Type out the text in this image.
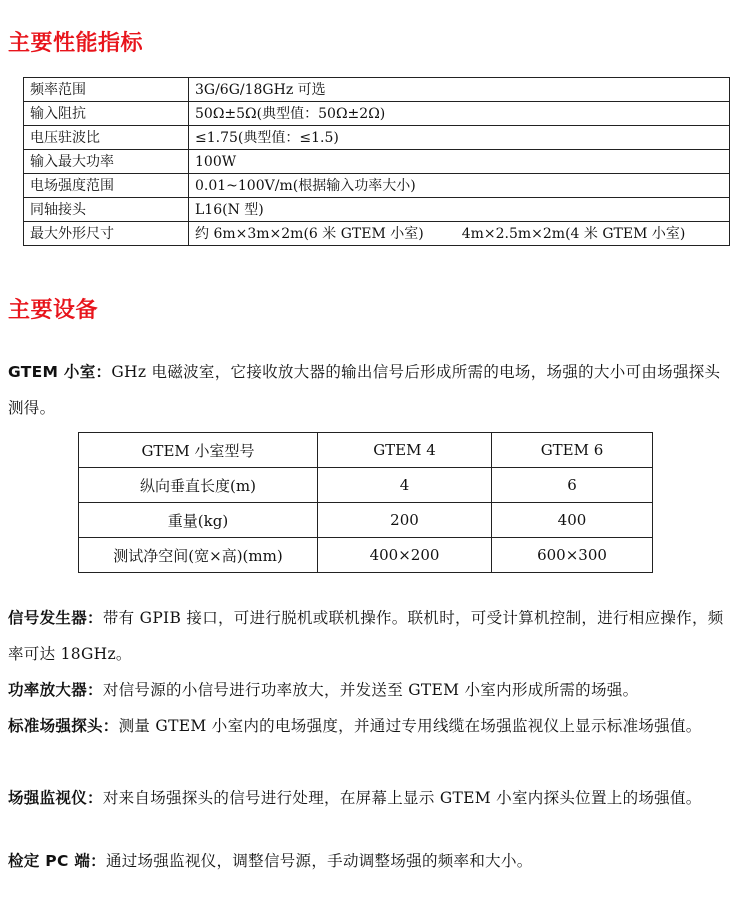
主要性能指标
频率范围	3G/6G/18GHz 可选
输入阻抗	50Ω±5Ω(典型值：50Ω±2Ω)
电压驻波比	≤1.75(典型值：≤1.5)
输入最大功率	100W
电场强度范围	0.01~100V/m(根据输入功率大小)
同轴接头	L16(N 型)
最大外形尺寸	约 6m×3m×2m(6 米 GTEM 小室) 4m×2.5m×2m(4 米 GTEM 小室)
主要设备
GTEM 小室：GHz 电磁波室，它接收放大器的输出信号后形成所需的电场，场强的大小可由场强探头测得。
GTEM 小室型号	GTEM 4	GTEM 6
纵向垂直长度(m)	4	6
重量(kg)	200	400
测试净空间(宽×高)(mm)	400×200	600×300
信号发生器：带有 GPIB 接口，可进行脱机或联机操作。联机时，可受计算机控制，进行相应操作，频率可达 18GHz。
功率放大器：对信号源的小信号进行功率放大，并发送至 GTEM 小室内形成所需的场强。
标准场强探头：测量 GTEM 小室内的电场强度，并通过专用线缆在场强监视仪上显示标准场强值。
场强监视仪：对来自场强探头的信号进行处理，在屏幕上显示 GTEM 小室内探头位置上的场强值。
检定 PC 端：通过场强监视仪，调整信号源，手动调整场强的频率和大小。
